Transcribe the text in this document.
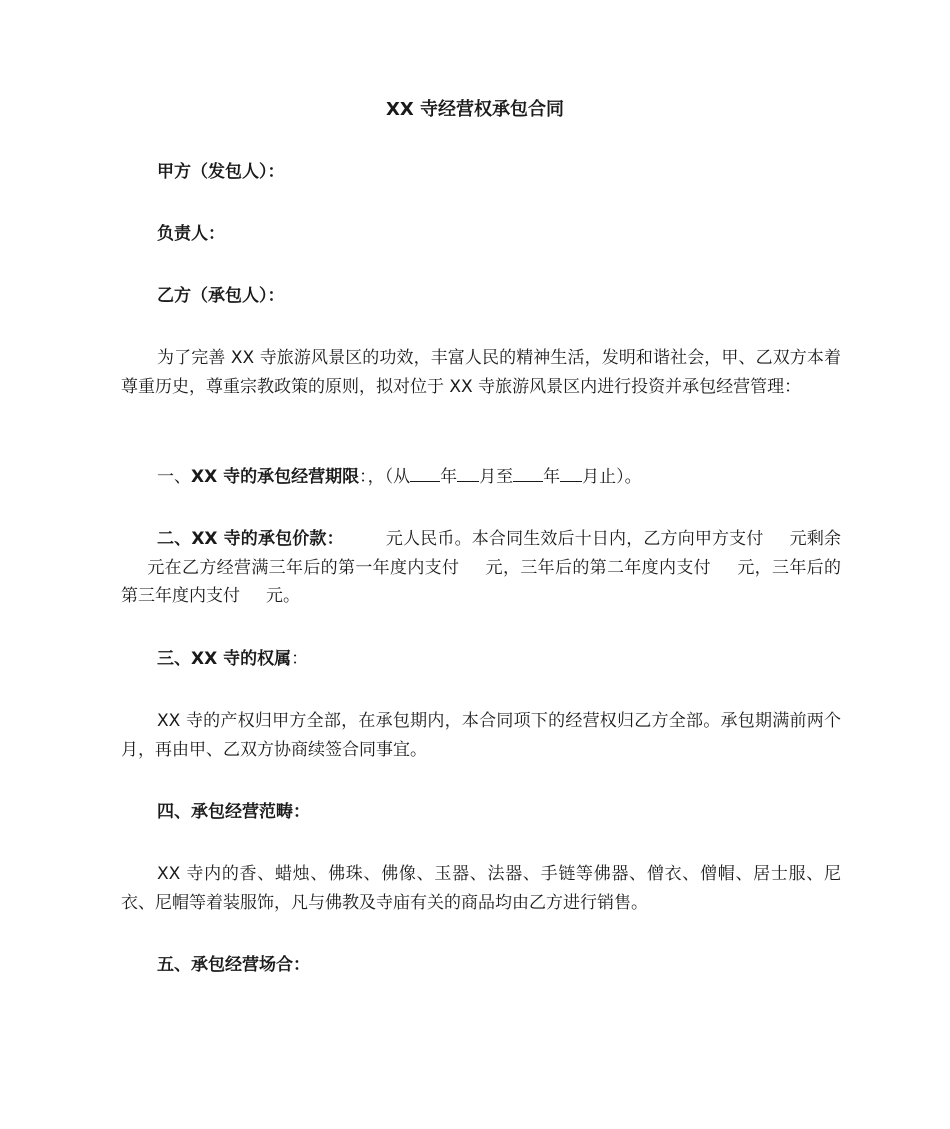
XX 寺经营权承包合同
甲方（发包人）：
负责人：
乙方（承包人）：
为了完善 XX 寺旅游风景区的功效，丰富人民的精神生活，发明和谐社会，甲、乙双方本着尊重历史，尊重宗教政策的原则，拟对位于 XX 寺旅游风景区内进行投资并承包经营管理：
一、XX 寺的承包经营期限：，（从 年 月至 年 月止）。
二、XX 寺的承包价款： 元人民币。本合同生效后十日内，乙方向甲方支付 元剩余元在乙方经营满三年后的第一年度内支付 元，三年后的第二年度内支付 元，三年后的第三年度内支付 元。
三、XX 寺的权属：
XX 寺的产权归甲方全部，在承包期内，本合同项下的经营权归乙方全部。承包期满前两个月，再由甲、乙双方协商续签合同事宜。
四、承包经营范畴：
XX 寺内的香、蜡烛、佛珠、佛像、玉器、法器、手链等佛器、僧衣、僧帽、居士服、尼衣、尼帽等着装服饰，凡与佛教及寺庙有关的商品均由乙方进行销售。
五、承包经营场合：
